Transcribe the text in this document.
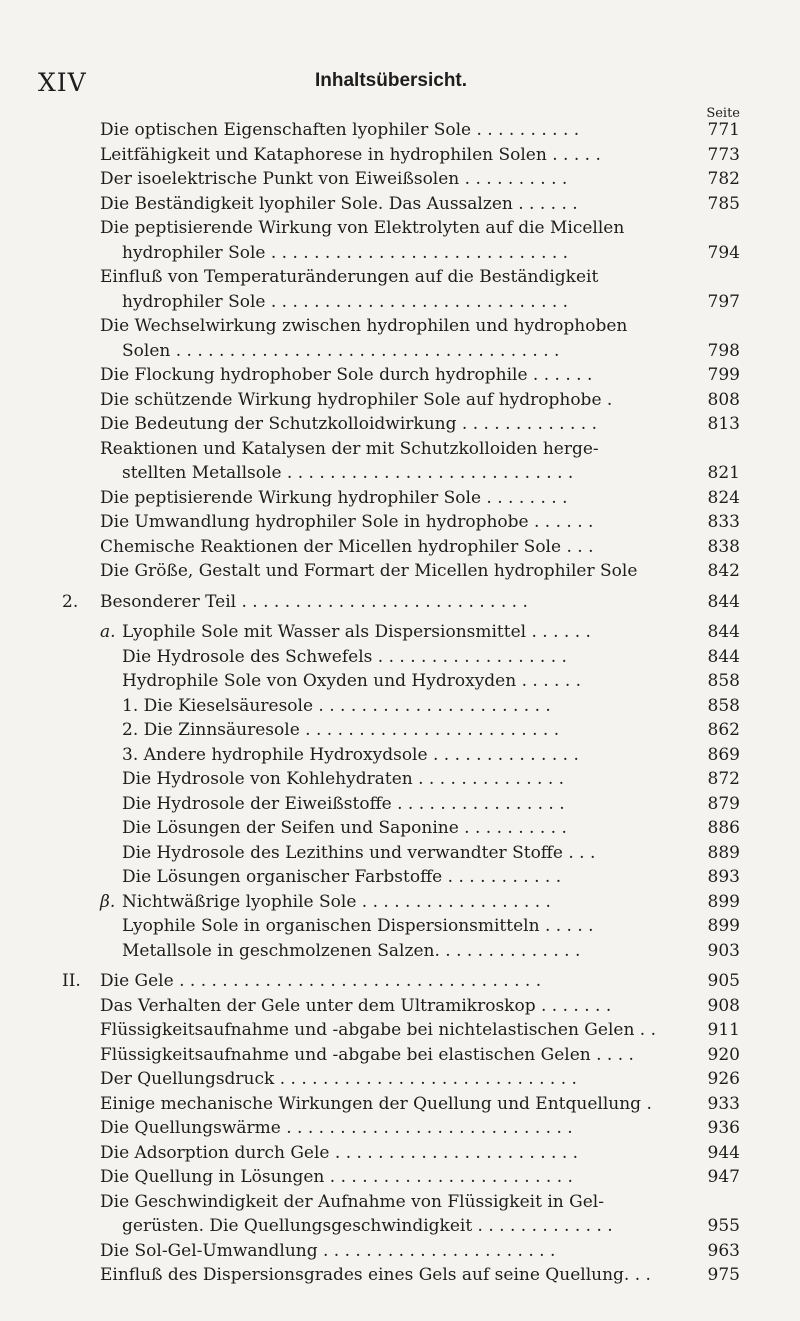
XIV	Inhaltsübersicht.
Seite
Die optischen Eigenschaften lyophiler Sole . . . . . . . . . .	771
Leitfähigkeit und Kataphorese in hydrophilen Solen . . . . .	773
Der isoelektrische Punkt von Eiweißsolen . . . . . . . . . .	782
Die Beständigkeit lyophiler Sole. Das Aussalzen . . . . . .	785
Die peptisierende Wirkung von Elektrolyten auf die Micellen
hydrophiler Sole . . . . . . . . . . . . . . . . . . . . . . . . . . . .	794
Einfluß von Temperaturänderungen auf die Beständigkeit
hydrophiler Sole . . . . . . . . . . . . . . . . . . . . . . . . . . . .	797
Die Wechselwirkung zwischen hydrophilen und hydrophoben
Solen . . . . . . . . . . . . . . . . . . . . . . . . . . . . . . . . . . . .	798
Die Flockung hydrophober Sole durch hydrophile . . . . . .	799
Die schützende Wirkung hydrophiler Sole auf hydrophobe .	808
Die Bedeutung der Schutzkolloidwirkung . . . . . . . . . . . . .	813
Reaktionen und Katalysen der mit Schutzkolloiden herge-
stellten Metallsole . . . . . . . . . . . . . . . . . . . . . . . . . . .	821
Die peptisierende Wirkung hydrophiler Sole . . . . . . . .	824
Die Umwandlung hydrophiler Sole in hydrophobe . . . . . .	833
Chemische Reaktionen der Micellen hydrophiler Sole . . .	838
Die Größe, Gestalt und Formart der Micellen hydrophiler Sole	842
2. Besonderer Teil . . . . . . . . . . . . . . . . . . . . . . . . . . .	844
a. Lyophile Sole mit Wasser als Dispersionsmittel . . . . . .	844
Die Hydrosole des Schwefels . . . . . . . . . . . . . . . . . .	844
Hydrophile Sole von Oxyden und Hydroxyden . . . . . .	858
1. Die Kieselsäuresole . . . . . . . . . . . . . . . . . . . . . .	858
2. Die Zinnsäuresole . . . . . . . . . . . . . . . . . . . . . . . .	862
3. Andere hydrophile Hydroxydsole . . . . . . . . . . . . . .	869
Die Hydrosole von Kohlehydraten . . . . . . . . . . . . . .	872
Die Hydrosole der Eiweißstoffe . . . . . . . . . . . . . . . .	879
Die Lösungen der Seifen und Saponine . . . . . . . . . .	886
Die Hydrosole des Lezithins und verwandter Stoffe . . .	889
Die Lösungen organischer Farbstoffe . . . . . . . . . . .	893
β. Nichtwäßrige lyophile Sole . . . . . . . . . . . . . . . . . .	899
Lyophile Sole in organischen Dispersionsmitteln . . . . .	899
Metallsole in geschmolzenen Salzen. . . . . . . . . . . . . .	903
II. Die Gele . . . . . . . . . . . . . . . . . . . . . . . . . . . . . . . . . .	905
Das Verhalten der Gele unter dem Ultramikroskop . . . . . . .	908
Flüssigkeitsaufnahme und -abgabe bei nichtelastischen Gelen . .	911
Flüssigkeitsaufnahme und -abgabe bei elastischen Gelen . . . .	920
Der Quellungsdruck . . . . . . . . . . . . . . . . . . . . . . . . . . . .	926
Einige mechanische Wirkungen der Quellung und Entquellung .	933
Die Quellungswärme . . . . . . . . . . . . . . . . . . . . . . . . . . .	936
Die Adsorption durch Gele . . . . . . . . . . . . . . . . . . . . . . .	944
Die Quellung in Lösungen . . . . . . . . . . . . . . . . . . . . . . .	947
Die Geschwindigkeit der Aufnahme von Flüssigkeit in Gel-
gerüsten. Die Quellungsgeschwindigkeit . . . . . . . . . . . . .	955
Die Sol-Gel-Umwandlung . . . . . . . . . . . . . . . . . . . . . .	963
Einfluß des Dispersionsgrades eines Gels auf seine Quellung. . .	975
